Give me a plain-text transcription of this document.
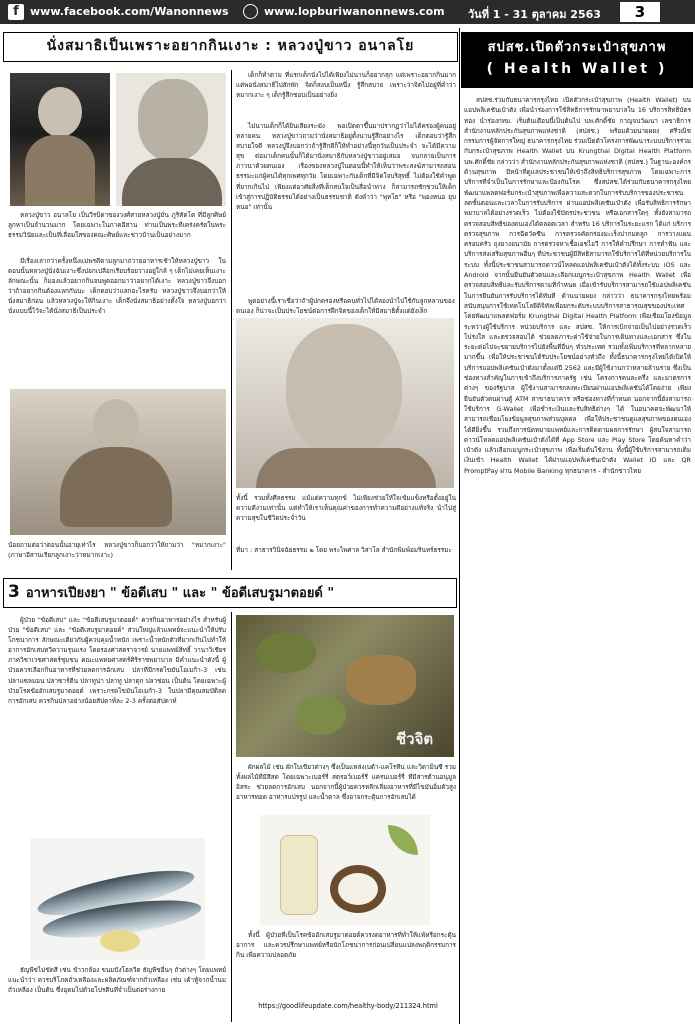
f	www.facebook.com/Wanonnews	www.lopburiwanonnews.com วันที่ 1 - 31 ตุลาคม 2563	3
นั่งสมาธิเป็นเพราะอยากกินเงาะ : หลวงปู่ขาว อนาลโย
หลวงปู่ขาว อนาลโย เป็นวีรบิดาของวงศ์สายหลวงปู่มั่น ภูริทัตโต ที่มีลูกศิษย์ลูกหาเป็นจำนวนมาก โดยเฉพาะในภาคอีสาน ท่านเป็นพระที่เคร่งครัดในพระธรรมวินัยและเป็นที่เลื่อมใสของคณะศิษย์และชาวบ้านเป็นอย่างมาก
มีเรื่องเล่ากว่าครั้งหนึ่งแม่พรดีตามลูกมาถวายอาหารเช้าให้หลวงปู่ขาว ในตอนนั้นหลวงปู่นั่งฉันเงาะซึ่งปอกเปลือกเรียบร้อยวางอยู่ใกล้ ๆ เด็กไม่เคยเห็นเงาะลักษณะนั้น ก็มองแล้วอยากกินจนพูดออกมาว่าอยากได้เงาะ หลวงปู่ขาวจึงบอกว่าถ้าอยากกินต้องแลกกันนะ เด็กตอบว่าแลกอะไรครับ หลวงปู่ขาวจึงบอกว่าให้นั่งสมาธิก่อน แล้วหลวงปู่จะให้กินเงาะ เด็กจึงนั่งสมาธิอย่างตั้งใจ หลวงปู่บอกว่านั่งแบบนี้ไว้จะได้นั่งสมาธิเป็นประจำ
น้อยถามต่อว่าตอนนั้นอายุเท่าไร หลวงปู่ขาวก็บอกว่าให้ถามว่า "หมากเงาะ" (ภาษาอีสานเรียกลูกเงาะว่าหมากเงาะ)
เด็กก็ทำตาม ที่แรกเด็กนั่งไปได้เพียงไม่นานก็อยากลุก แต่เพราะอยากกินมาก แต่พอนั่งสมาธิไปสักพัก จิตก็สงบเป็นหนึ่ง รู้สึกสบาย เพราะว่าจิตไปอยู่ที่คำว่าหมากเงาะ ๆ เด็กรู้สึกชอบเป็นอย่างยิ่ง
ไม่นานเด็กก็ได้ยินเสียงระฆัง พอเปิดตาขึ้นมาปรากฏว่าไม่ได้ครองผู้คนอยู่หลายคน หลวงปู่ขาวถามว่านั่งสมาธิอยู่ตั้งนานรู้สึกอย่างไร เด็กตอบว่ารู้สึกสบายใจดี หลวงปู่จึงบอกว่าถ้ารู้สึกดีก็ให้ทำอย่างนี้ทุกวันเป็นประจำ จะได้มีความสุข ต่อมาเด็กคนนั้นก็ได้มานั่งสมาธิกับหลวงปู่ขาวอยู่เสมอ จนกลายเป็นการภาวนาด้วยตนเอง เรื่องของหลวงปู่ในตอนนี้ทำให้เห็นว่าพระสงฆ์สามารถสอนธรรมะแก่ผู้คนได้ทุกเพศทุกวัย โดยเฉพาะกับเด็กที่มีจิตใจบริสุทธิ์ ไม่ต้องใช้คำพูดที่ยากเกินไป เพียงแต่อาศัยสิ่งที่เด็กสนใจเป็นสื่อนำทาง ก็สามารถชักชวนให้เด็กเข้าสู่การปฏิบัติธรรมได้อย่างเป็นธรรมชาติ ดังคำว่า "พุทโธ" หรือ "พองหนอ ยุบหนอ" เท่านั้น
พูดอย่างนี้เราเชื่อว่าถ้าผู้ปกครองหรือคนทั่วไปได้ลองนำไปใช้กับลูกหลานของตนเอง ก็น่าจะเป็นประโยชน์ต่อการฝึกจิตของเด็กให้มีสมาธิตั้งแต่ยังเล็ก
ทั้งนี้ รวมทั้งศีลธรรม แม้แต่ความทุกข์ ไม่เพียงช่วยให้ใจเข้มแข็งหรือตั้งอยู่ในความดีงามเท่านั้น แต่ทำให้เราเห็นคุณค่าของการทำความดีอย่างแท้จริง นำไปสู่ความสุขในชีวิตประจำวัน
ที่มา : สาธารวินิจฉัยธรรม ๒ โดย พระไพศาล วิสาโล สำนักพิมพ์อมรินทร์ธรรมะ
สปสช.เปิดตัวกระเป๋าสุขภาพ
( Health Wallet )
สปสช.ร่วมกับธนาคารกรุงไทย เปิดตัวกระเป๋าสุขภาพ (Health Wallet) บนแอปพลิเคชันเป๋าตัง เพื่อนำร่องการใช้สิทธิการรักษาพยาบาลใน 16 บริการสิทธิบัตรทอง นำร่องกทม. เริ่มต้นเดือนนี้เป็นต้นไป นพ.ศักดิ์ชัย กาญจนวัฒนา เลขาธิการสำนักงานหลักประกันสุขภาพแห่งชาติ (สปสช.) พร้อมด้วยนายผยง ศรีวณิช กรรมการผู้จัดการใหญ่ ธนาคารกรุงไทย ร่วมเปิดตัวโครงการพัฒนาระบบบริการร่วมกับกระเป๋าสุขภาพ Health Wallet บน Krungthai Digital Health Platform นพ.ศักดิ์ชัย กล่าวว่า สำนักงานหลักประกันสุขภาพแห่งชาติ (สปสช.) ในฐานะองค์กรด้านสุขภาพ มีหน้าที่ดูแลประชาชนให้เข้าถึงสิทธิบริการสุขภาพ โดยเฉพาะการบริการที่จำเป็นในการรักษาและป้องกันโรค ซึ่งสปสช.ได้ร่วมกับธนาคารกรุงไทยพัฒนาแพลตฟอร์มกระเป๋าสุขภาพเพื่อความสะดวกในการรับบริการของประชาชน ลดขั้นตอนและเวลาในการรับบริการ ผ่านแอปพลิเคชันเป๋าตัง เพื่อรับสิทธิการรักษาพยาบาลได้อย่างรวดเร็ว ไม่ต้องใช้บัตรประชาชน หรือเอกสารใดๆ ทั้งยังสามารถตรวจสอบสิทธิของตนเองได้ตลอดเวลา สำหรับ 16 บริการในระยะแรก ได้แก่ บริการตรวจสุขภาพ การฉีดวัคซีน การตรวจคัดกรองมะเร็งปากมดลูก การวางแผนครอบครัว ถุงยางอนามัย การตรวจหาเชื้อเอชไอวี การให้คำปรึกษา การทำฟัน และบริการส่งเสริมสุขภาพอื่นๆ ที่ประชาชนผู้มีสิทธิสามารถใช้บริการได้ที่หน่วยบริการในระบบ ทั้งนี้ประชาชนสามารถดาวน์โหลดแอปพลิเคชันเป๋าตังได้ทั้งระบบ iOS และ Android จากนั้นยืนยันตัวตนและเลือกเมนูกระเป๋าสุขภาพ Health Wallet เพื่อตรวจสอบสิทธิและรับบริการตามที่กำหนด เมื่อเข้ารับบริการสามารถใช้แอปพลิเคชันในการยืนยันการรับบริการได้ทันที ด้านนายผยง กล่าวว่า ธนาคารกรุงไทยพร้อมสนับสนุนการใช้เทคโนโลยีดิจิทัลเพื่อยกระดับระบบบริการสาธารณสุขของประเทศ โดยพัฒนาแพลตฟอร์ม Krungthai Digital Health Platform เพื่อเชื่อมโยงข้อมูลระหว่างผู้ใช้บริการ หน่วยบริการ และ สปสช. ให้การเบิกจ่ายเป็นไปอย่างรวดเร็ว โปร่งใส และตรวจสอบได้ ช่วยลดภาระค่าใช้จ่ายในการเดินทางและเอกสาร ซึ่งในระยะต่อไปจะขยายบริการไปยังพื้นที่อื่นๆ ทั่วประเทศ รวมทั้งเพิ่มบริการที่หลากหลายมากขึ้น เพื่อให้ประชาชนได้รับประโยชน์อย่างทั่วถึง ทั้งนี้ธนาคารกรุงไทยได้เปิดให้บริการแอปพลิเคชันเป๋าตังมาตั้งแต่ปี 2562 และมีผู้ใช้งานกว่าหลายล้านราย ซึ่งเป็นช่องทางสำคัญในการเข้าถึงบริการภาครัฐ เช่น โครงการคนละครึ่ง และมาตรการต่างๆ ของรัฐบาล ผู้ใช้งานสามารถลงทะเบียนผ่านแอปพลิเคชันได้โดยง่าย เพียงยืนยันตัวตนผ่านตู้ ATM สาขาธนาคาร หรือช่องทางที่กำหนด นอกจากนี้ยังสามารถใช้บริการ G-Wallet เพื่อชำระเงินและรับสิทธิต่างๆ ได้ ในอนาคตจะพัฒนาให้สามารถเชื่อมโยงข้อมูลสุขภาพส่วนบุคคล เพื่อให้ประชาชนดูแลสุขภาพของตนเองได้ดียิ่งขึ้น รวมถึงการนัดหมายแพทย์และการติดตามผลการรักษา ผู้สนใจสามารถดาวน์โหลดแอปพลิเคชันเป๋าตังได้ที่ App Store และ Play Store โดยค้นหาคำว่า เป๋าตัง แล้วเลือกเมนูกระเป๋าสุขภาพ เพื่อเริ่มต้นใช้งาน ทั้งนี้ผู้ใช้บริการสามารถเติมเงินเข้า Health Wallet ได้ผ่านแอปพลิเคชันเป๋าตัง Wallet ID และ QR PromptPay ผ่าน Mobile Banking ทุกธนาคาร - สำนักข่าวไทย
3 อาหารเปียงยา " ข้อดีเสบ " และ " ข้อดีเสบรูมาตอยด์ "
ผู้ป่วย "ข้อดีเสบ" และ "ข้อดีเสบรูมาตอยด์" ควรกินอาหารอย่างไร สำหรับผู้ป่วย "ข้อดีเสบ" และ "ข้อดีเสบรูมาตอยด์" ส่วนใหญ่แล้วแพทย์จะแนะนำให้ปรับโภชนาการ ลักษณะเดียวกับผู้ควบคุมน้ำหนัก เพราะน้ำหนักตัวที่มากเกินไปทำให้อาการอักเสบทวีความรุนแรง โดยรองศาสตราจารย์ นายแพทย์สิทธิ์ วานาวิเชียร ภาควิชาเวชศาสตร์ชุมชน คณะแพทยศาสตร์ศิริราชพยาบาล มีคำแนะนำดังนี้ ผู้ป่วยควรเลือกกินอาหารที่ช่วยลดการอักเสบ ปลาที่มีกรดไขมันโอเมก้า-3 เช่น ปลาแซลมอน ปลาซาร์ดีน ปลาทูน่า ปลาทู ปลาดุก ปลาช่อน เป็นต้น โดยเฉพาะผู้ป่วยโรคข้ออักเสบรูมาตอยด์ เพราะกรดไขมันโอเมก้า-3 ในปลามีคุณสมบัติลดการอักเสบ ควรกินปลาอย่างน้อยสัปดาห์ละ 2-3 ครั้งต่อสัปดาห์
ธัญพืชไม่ขัดสี เช่น ข้าวกล้อง ขนมปังโฮลวีต ธัญพืชอื่นๆ ถั่วต่างๆ โดยแพทย์แนะนำว่า ควรบริโภคถั่วเหลืองและผลิตภัณฑ์จากถั่วเหลือง เช่น เต้าหู้จากน้ำนมถั่วเหลือง เป็นต้น ซึ่งอุดมไปด้วยโปรตีนที่จำเป็นต่อร่างกาย
ชีวจิต
ผักผลไม้ เช่น ผักใบเขียวต่างๆ ซึ่งเป็นแหล่งเบต้า-แคโรทีน และวิตามินซี รวมทั้งผลไม้ที่มีสีสด โดยเฉพาะเบอร์รี่ สตรอว์เบอร์รี่ แครนเบอร์รี่ ที่มีสารต้านอนุมูลอิสระ ช่วยลดการอักเสบ นอกจากนี้ผู้ป่วยควรหลีกเลี่ยงอาหารที่มีไขมันอิ่มตัวสูง อาหารทอด อาหารแปรรูป และน้ำตาล ซึ่งอาจกระตุ้นการอักเสบได้
ทั้งนี้ ผู้ป่วยที่เป็นโรคข้ออักเสบรูมาตอยด์ควรงดอาหารที่ทำให้แพ้หรือกระตุ้นอาการ และควรปรึกษาแพทย์หรือนักโภชนาการก่อนเปลี่ยนแปลงพฤติกรรมการกิน เพื่อความปลอดภัย
https://goodlifeupdate.com/healthy-body/211324.html
